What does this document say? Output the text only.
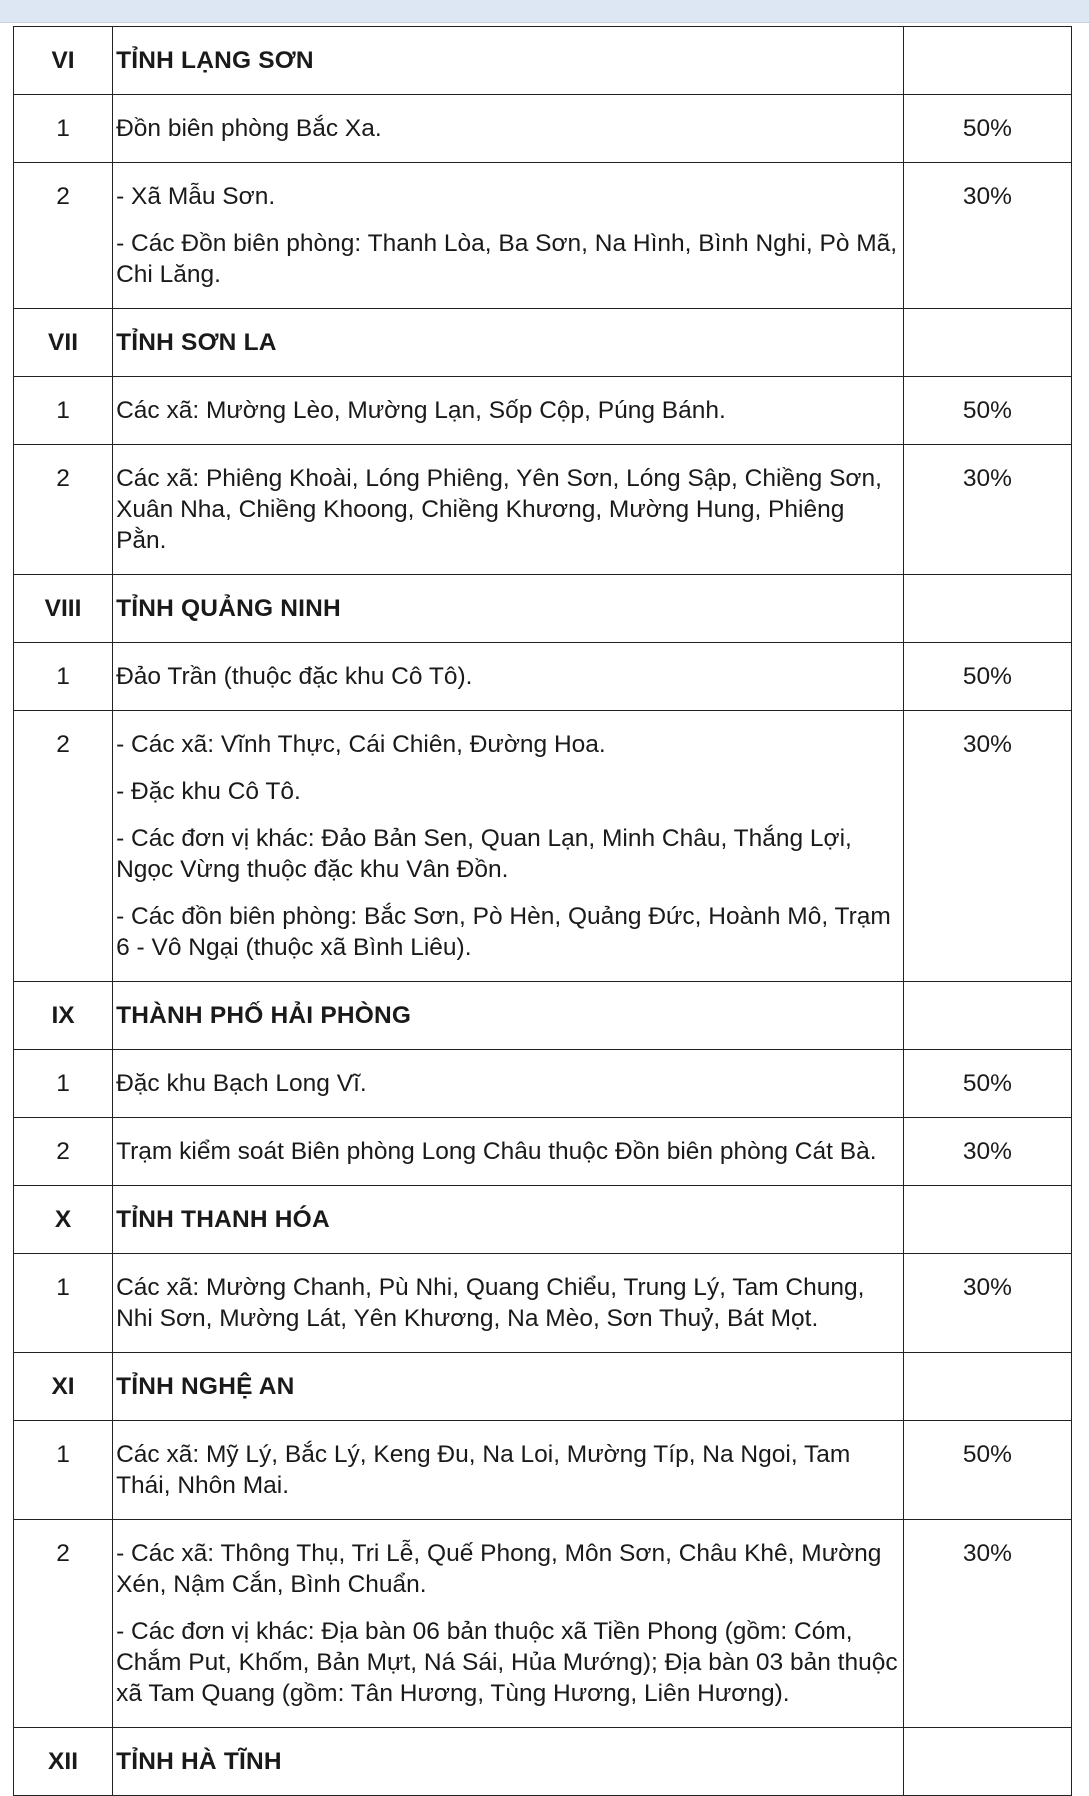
VI	TỈNH LẠNG SƠN	
1	Đồn biên phòng Bắc Xa.	50%
2	- Xã Mẫu Sơn.
- Các Đồn biên phòng: Thanh Lòa, Ba Sơn, Na Hình, Bình Nghi, Pò Mã, Chi Lăng.	30%
VII	TỈNH SƠN LA	
1	Các xã: Mường Lèo, Mường Lạn, Sốp Cộp, Púng Bánh.	50%
2	Các xã: Phiêng Khoài, Lóng Phiêng, Yên Sơn, Lóng Sập, Chiềng Sơn, Xuân Nha, Chiềng Khoong, Chiềng Khương, Mường Hung, Phiêng Pằn.	30%
VIII	TỈNH QUẢNG NINH	
1	Đảo Trần (thuộc đặc khu Cô Tô).	50%
2	- Các xã: Vĩnh Thực, Cái Chiên, Đường Hoa.
- Đặc khu Cô Tô.
- Các đơn vị khác: Đảo Bản Sen, Quan Lạn, Minh Châu, Thắng Lợi, Ngọc Vừng thuộc đặc khu Vân Đồn.
- Các đồn biên phòng: Bắc Sơn, Pò Hèn, Quảng Đức, Hoành Mô, Trạm 6 - Vô Ngại (thuộc xã Bình Liêu).	30%
IX	THÀNH PHỐ HẢI PHÒNG	
1	Đặc khu Bạch Long Vĩ.	50%
2	Trạm kiểm soát Biên phòng Long Châu thuộc Đồn biên phòng Cát Bà.	30%
X	TỈNH THANH HÓA	
1	Các xã: Mường Chanh, Pù Nhi, Quang Chiểu, Trung Lý, Tam Chung, Nhi Sơn, Mường Lát, Yên Khương, Na Mèo, Sơn Thuỷ, Bát Mọt.	30%
XI	TỈNH NGHỆ AN	
1	Các xã: Mỹ Lý, Bắc Lý, Keng Đu, Na Loi, Mường Típ, Na Ngoi, Tam Thái, Nhôn Mai.	50%
2	- Các xã: Thông Thụ, Tri Lễ, Quế Phong, Môn Sơn, Châu Khê, Mường Xén, Nậm Cắn, Bình Chuẩn.
- Các đơn vị khác: Địa bàn 06 bản thuộc xã Tiền Phong (gồm: Cóm, Chắm Put, Khốm, Bản Mựt, Ná Sái, Hủa Mướng); Địa bàn 03 bản thuộc xã Tam Quang (gồm: Tân Hương, Tùng Hương, Liên Hương).	30%
XII	TỈNH HÀ TĨNH	
